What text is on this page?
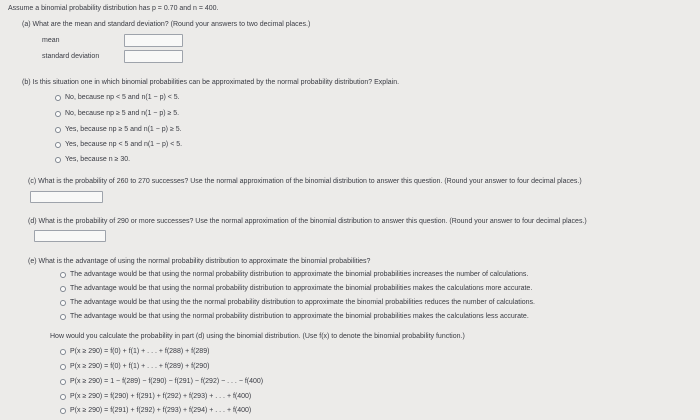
Assume a binomial probability distribution has p = 0.70 and n = 400.
(a) What are the mean and standard deviation? (Round your answers to two decimal places.)
mean
standard deviation
(b) Is this situation one in which binomial probabilities can be approximated by the normal probability distribution? Explain.
No, because np < 5 and n(1 − p) < 5.
No, because np ≥ 5 and n(1 − p) ≥ 5.
Yes, because np ≥ 5 and n(1 − p) ≥ 5.
Yes, because np < 5 and n(1 − p) < 5.
Yes, because n ≥ 30.
(c) What is the probability of 260 to 270 successes? Use the normal approximation of the binomial distribution to answer this question. (Round your answer to four decimal places.)
(d) What is the probability of 290 or more successes? Use the normal approximation of the binomial distribution to answer this question. (Round your answer to four decimal places.)
(e) What is the advantage of using the normal probability distribution to approximate the binomial probabilities?
The advantage would be that using the normal probability distribution to approximate the binomial probabilities increases the number of calculations.
The advantage would be that using the normal probability distribution to approximate the binomial probabilities makes the calculations more accurate.
The advantage would be that using the the normal probability distribution to approximate the binomial probabilities reduces the number of calculations.
The advantage would be that using the normal probability distribution to approximate the binomial probabilities makes the calculations less accurate.
How would you calculate the probability in part (d) using the binomial distribution. (Use f(x) to denote the binomial probability function.)
P(x ≥ 290) = f(0) + f(1) + . . . + f(288) + f(289)
P(x ≥ 290) = f(0) + f(1) + . . . + f(289) + f(290)
P(x ≥ 290) = 1 − f(289) − f(290) − f(291) − f(292) − . . . − f(400)
P(x ≥ 290) = f(290) + f(291) + f(292) + f(293) + . . . + f(400)
P(x ≥ 290) = f(291) + f(292) + f(293) + f(294) + . . . + f(400)
